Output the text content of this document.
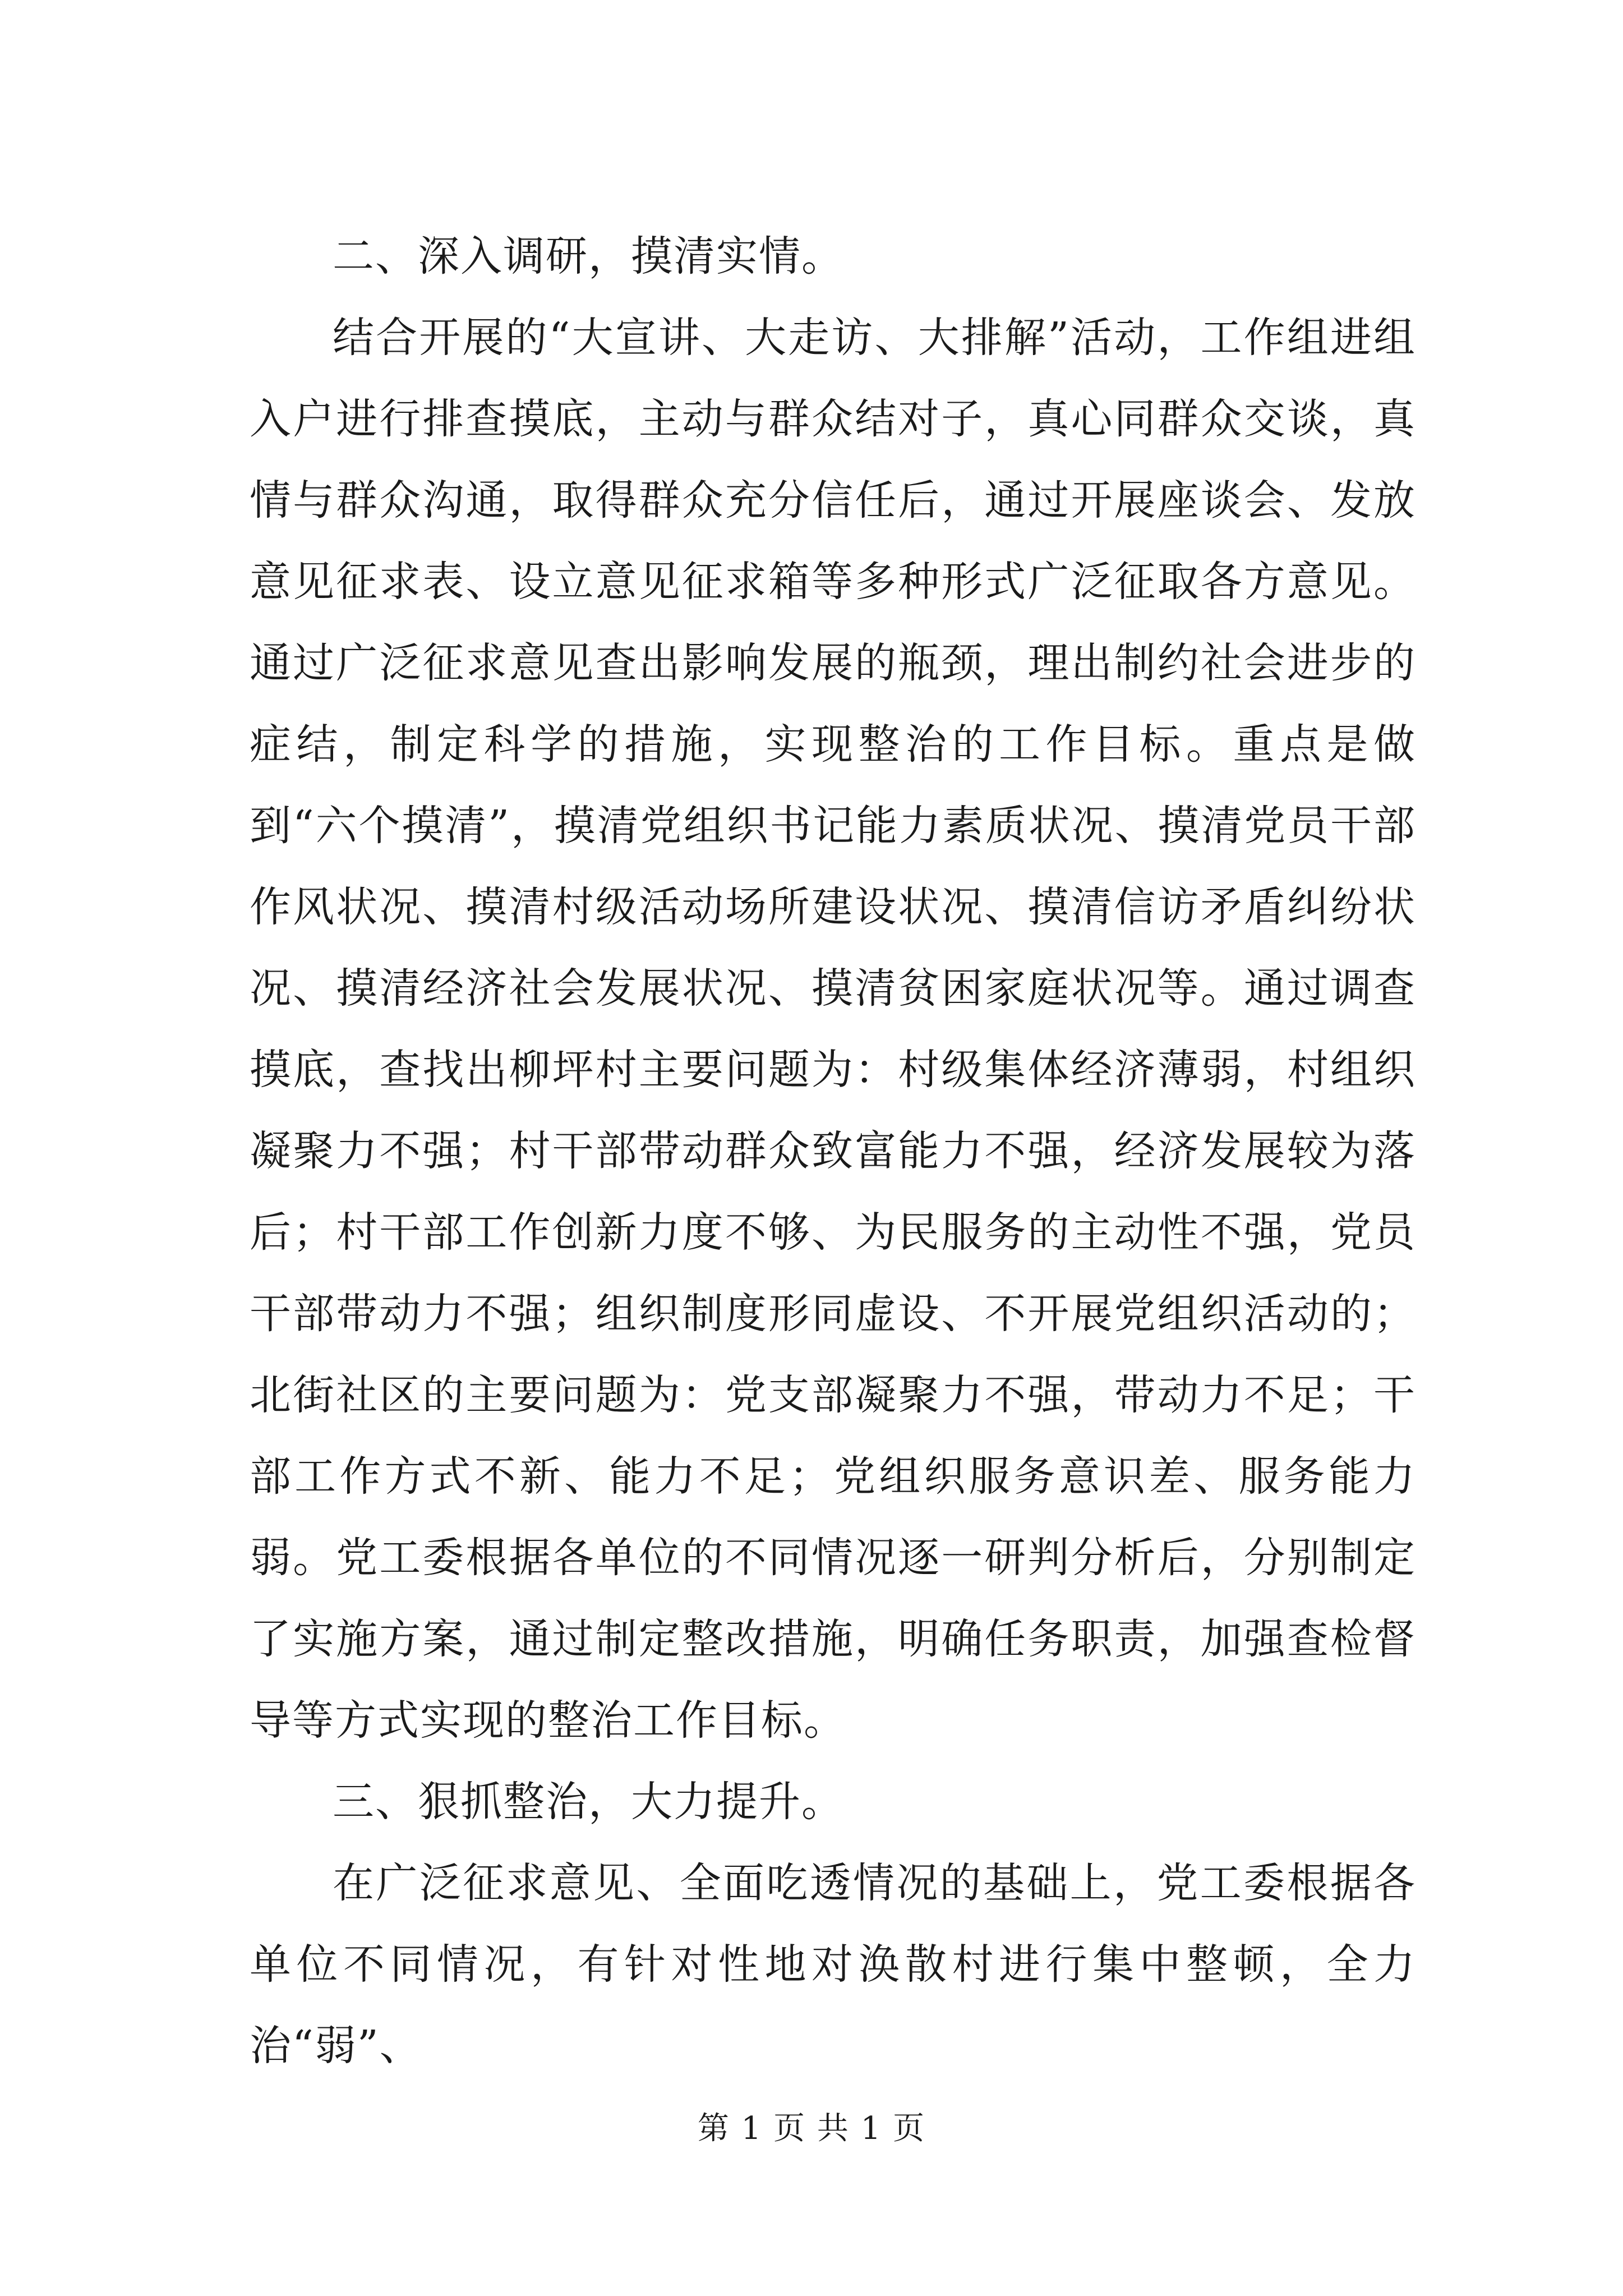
二、深入调研，摸清实情。

结合开展的“大宣讲、大走访、大排解”活动，工作组进组入户进行排查摸底，主动与群众结对子，真心同群众交谈，真情与群众沟通，取得群众充分信任后，通过开展座谈会、发放意见征求表、设立意见征求箱等多种形式广泛征取各方意见。通过广泛征求意见查出影响发展的瓶颈，理出制约社会进步的症结，制定科学的措施，实现整治的工作目标。重点是做到“六个摸清”，摸清党组织书记能力素质状况、摸清党员干部作风状况、摸清村级活动场所建设状况、摸清信访矛盾纠纷状况、摸清经济社会发展状况、摸清贫困家庭状况等。通过调查摸底，查找出柳坪村主要问题为：村级集体经济薄弱，村组织凝聚力不强；村干部带动群众致富能力不强，经济发展较为落后；村干部工作创新力度不够、为民服务的主动性不强，党员干部带动力不强；组织制度形同虚设、不开展党组织活动的；北街社区的主要问题为：党支部凝聚力不强，带动力不足；干部工作方式不新、能力不足；党组织服务意识差、服务能力弱。党工委根据各单位的不同情况逐一研判分析后，分别制定了实施方案，通过制定整改措施，明确任务职责，加强查检督导等方式实现的整治工作目标。

三、狠抓整治，大力提升。

在广泛征求意见、全面吃透情况的基础上，党工委根据各单位不同情况，有针对性地对涣散村进行集中整顿，全力治“弱”、

第 1 页 共 1 页
